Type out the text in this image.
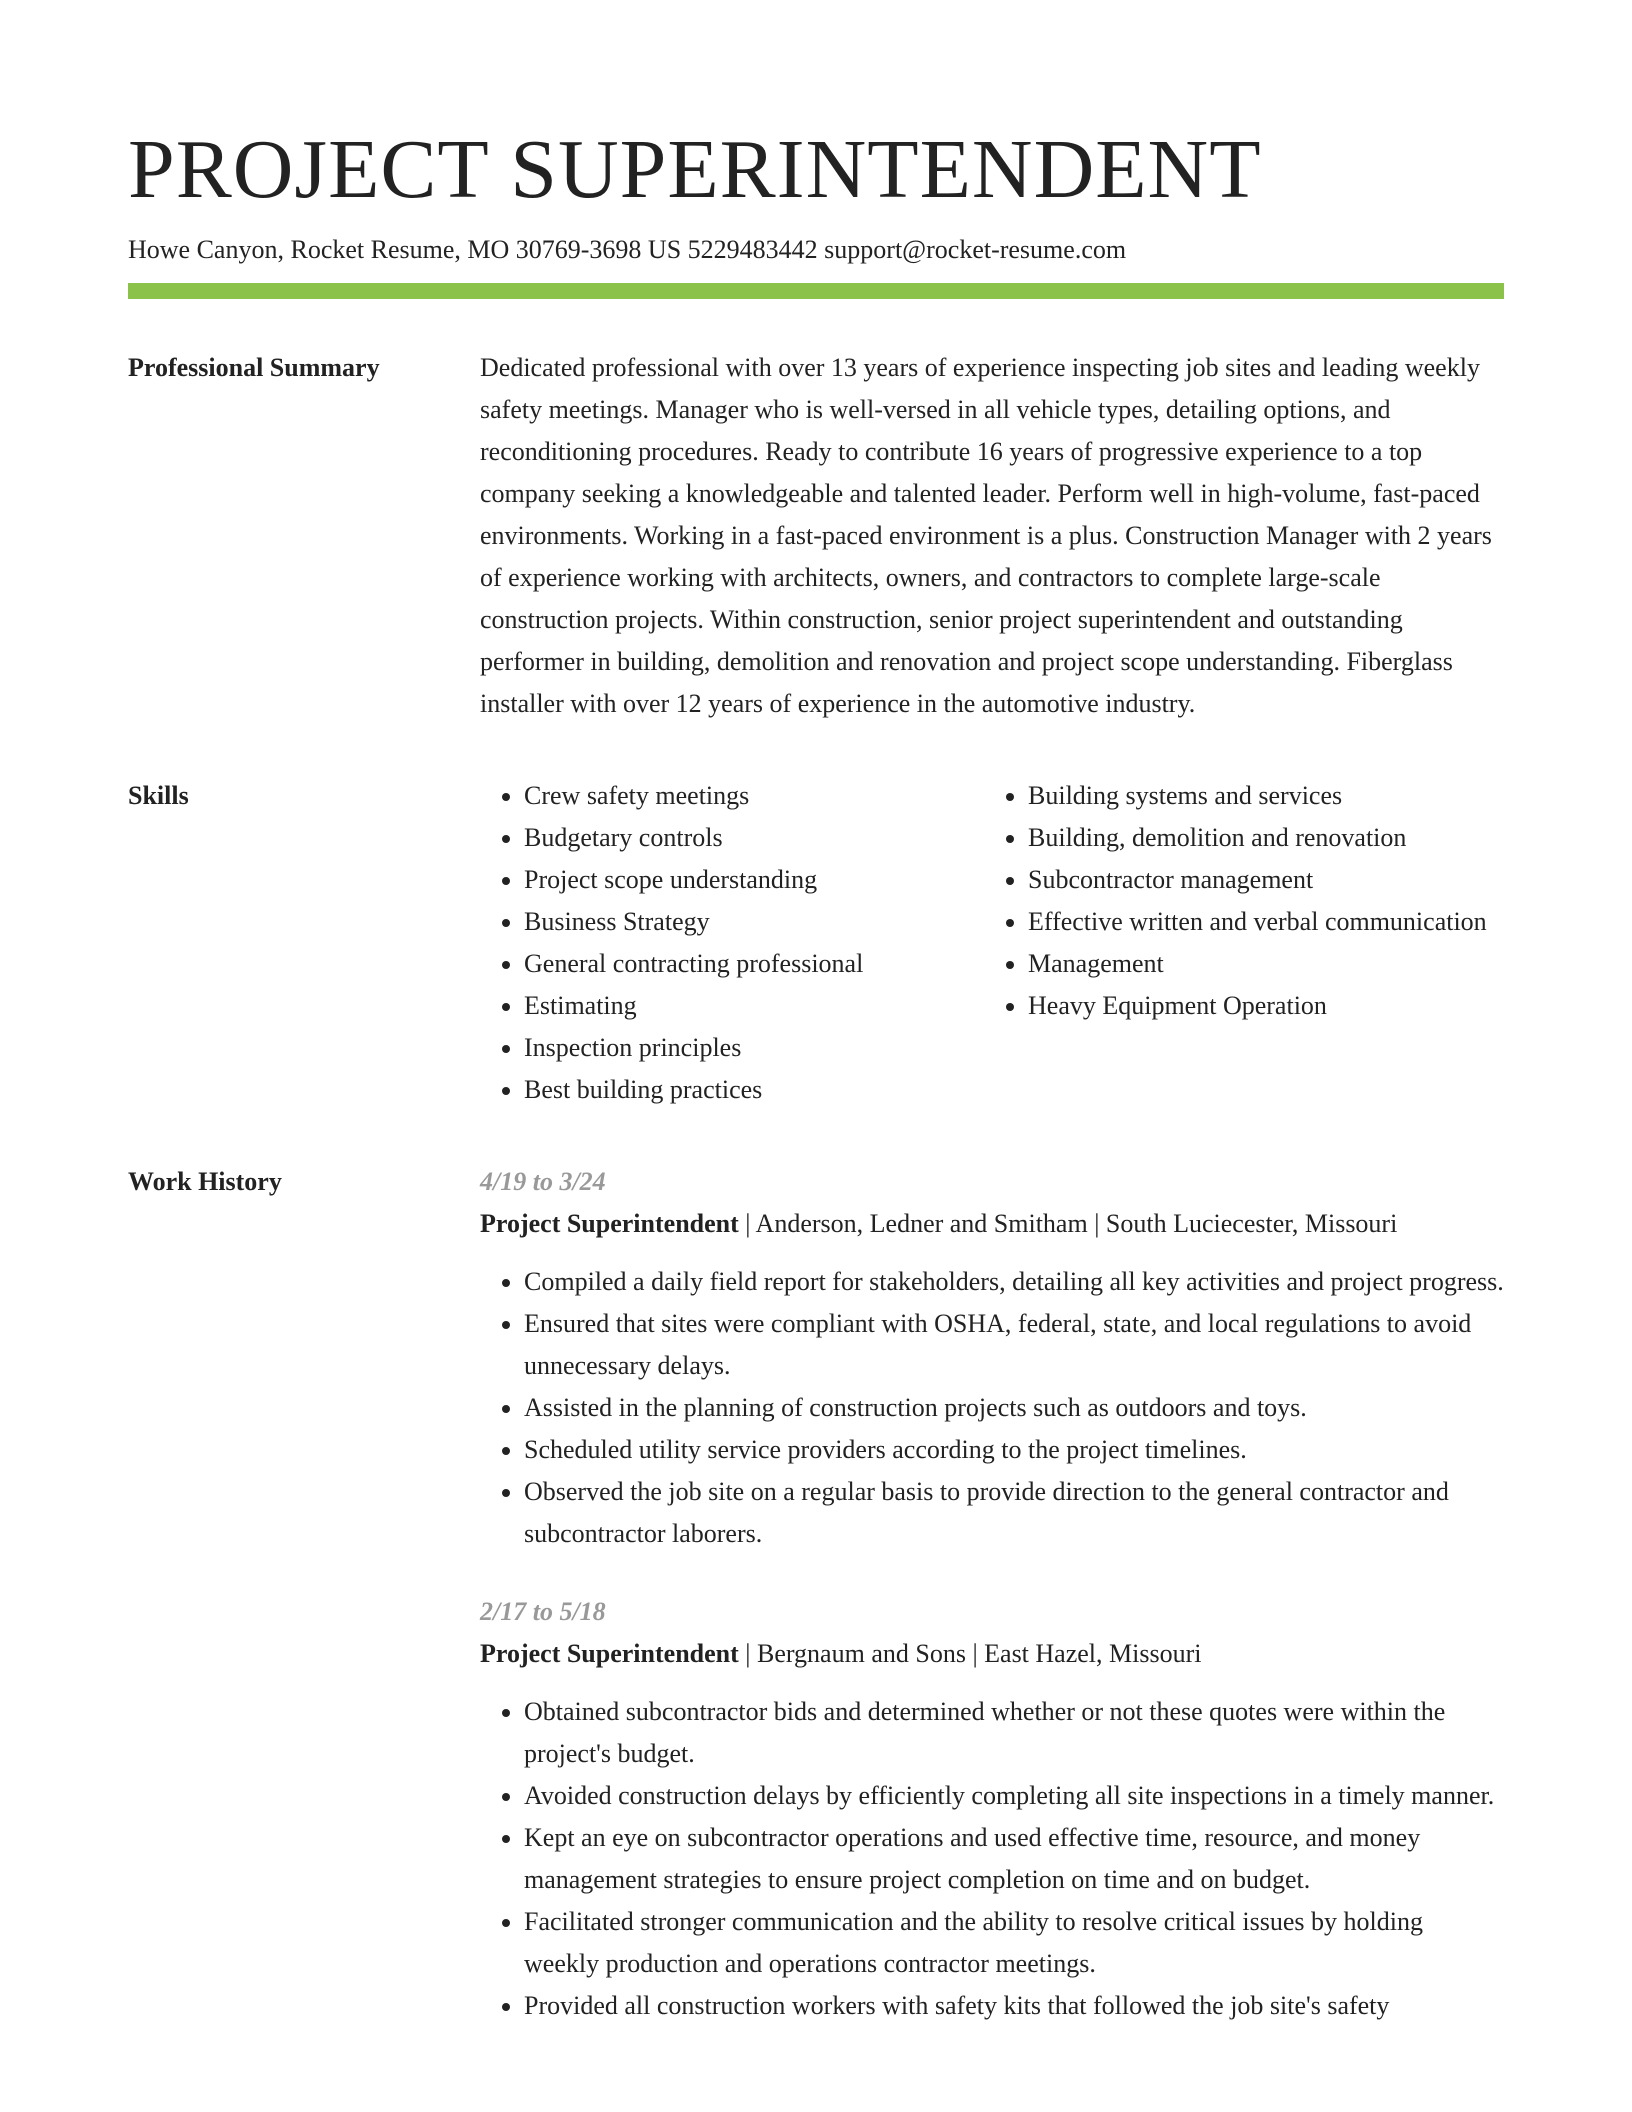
PROJECT SUPERINTENDENT
Howe Canyon, Rocket Resume, MO 30769-3698 US 5229483442 support@rocket-resume.com
Professional Summary	Dedicated professional with over 13 years of experience inspecting job sites and leading weekly safety meetings. Manager who is well-versed in all vehicle types, detailing options, and reconditioning procedures. Ready to contribute 16 years of progressive experience to a top company seeking a knowledgeable and talented leader. Perform well in high-volume, fast-paced environments. Working in a fast-paced environment is a plus. Construction Manager with 2 years of experience working with architects, owners, and contractors to complete large-scale construction projects. Within construction, senior project superintendent and outstanding performer in building, demolition and renovation and project scope understanding. Fiberglass installer with over 12 years of experience in the automotive industry.

Skills
•	Crew safety meetings
• Budgetary controls
• Project scope understanding
• Business Strategy
• General contracting professional
• Estimating
• Inspection principles
• Best building practices
• Building systems and services
• Building, demolition and renovation
• Subcontractor management
• Effective written and verbal communication
• Management
• Heavy Equipment Operation
Work History	4/19 to 3/24
Project Superintendent | Anderson, Ledner and Smitham | South Luciecester, Missouri
• Compiled a daily field report for stakeholders, detailing all key activities and project progress.
• Ensured that sites were compliant with OSHA, federal, state, and local regulations to avoid unnecessary delays.
• Assisted in the planning of construction projects such as outdoors and toys.
• Scheduled utility service providers according to the project timelines.
• Observed the job site on a regular basis to provide direction to the general contractor and subcontractor laborers.
2/17 to 5/18
Project Superintendent | Bergnaum and Sons | East Hazel, Missouri
• Obtained subcontractor bids and determined whether or not these quotes were within the project's budget.
• Avoided construction delays by efficiently completing all site inspections in a timely manner.
• Kept an eye on subcontractor operations and used effective time, resource, and money management strategies to ensure project completion on time and on budget.
• Facilitated stronger communication and the ability to resolve critical issues by holding weekly production and operations contractor meetings.
• Provided all construction workers with safety kits that followed the job site's safety
